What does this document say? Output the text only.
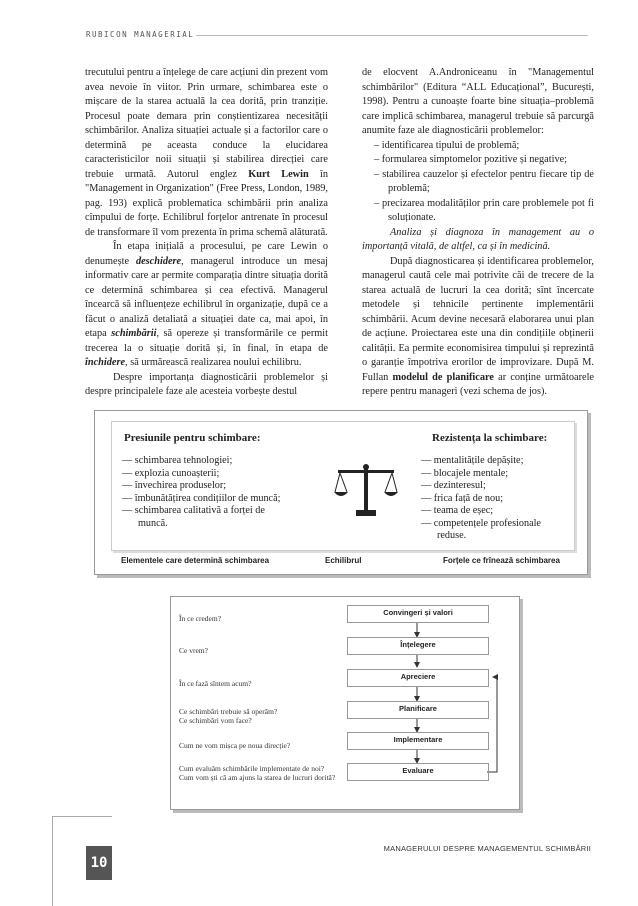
RUBICON MANAGERIAL

trecutului pentru a înțelege de care acțiuni din prezent vom avea nevoie în viitor. Prin urmare, schimbarea este o mișcare de la starea actuală la cea dorită, prin tranziție. Procesul poate demara prin conștientizarea necesității schimbărilor. Analiza situației actuale și a factorilor care o determină pe aceasta conduce la elucidarea caracteristicilor noii situații și stabilirea direcției care trebuie urmată. Autorul englez Kurt Lewin în "Management in Organization" (Free Press, London, 1989, pag. 193) explică problematica schimbării prin analiza cîmpului de forțe. Echilibrul forțelor antrenate în procesul de transformare îl vom prezenta în prima schemă alăturată.

În etapa inițială a procesului, pe care Lewin o denumește deschidere, managerul introduce un mesaj informativ care ar permite comparația dintre situația dorită ce determină schimbarea și cea efectivă. Managerul încearcă să influențeze echilibrul în organizație, după ce a făcut o analiză detaliată a situației date ca, mai apoi, în etapa schimbării, să opereze și transformările ce permit trecerea la o situație dorită și, în final, în etapa de închidere, să urmărească realizarea noului echilibru.

Despre importanța diagnosticării problemelor și despre principalele faze ale acesteia vorbește destul

de elocvent A.Androniceanu în "Managementul schimbărilor" (Editura “ALL Educațional”, București, 1998). Pentru a cunoaște foarte bine situația–problemă care implică schimbarea, managerul trebuie să parcurgă anumite faze ale diagnosticării problemelor:

– identificarea tipului de problemă;
– formularea simptomelor pozitive și negative;
– stabilirea cauzelor și efectelor pentru fiecare tip de problemă;
– precizarea modalităților prin care problemele pot fi soluționate.

Analiza și diagnoza în management au o importanță vitală, de altfel, ca și în medicină.

După diagnosticarea și identificarea problemelor, managerul caută cele mai potrivite căi de trecere de la starea actuală de lucruri la cea dorită; sînt încercate metodele și tehnicile pertinente implementării schimbării. Acum devine necesară elaborarea unui plan de acțiune. Proiectarea este una din condițiile obținerii calității. Ea permite economisirea timpului și reprezintă o garanție împotriva erorilor de improvizare. După M. Fullan modelul de planificare ar conține următoarele repere pentru manageri (vezi schema de jos).

Presiunile pentru schimbare:
— schimbarea tehnologiei;
— explozia cunoașterii;
— învechirea produselor;
— îmbunătățirea condițiilor de muncă;
— schimbarea calitativă a forței de muncă.
Rezistența la schimbare:
— mentalitățile depășite;
— blocajele mentale;
— dezinteresul;
— frica față de nou;
— teama de eșec;
— competențele profesionale reduse.
Elementele care determină schimbarea	Echilibrul	Forțele ce frînează schimbarea
În ce credem?
Ce vrem?
În ce fază sîntem acum?
Ce schimbări trebuie să operăm?
Ce schimbări vom face?
Cum ne vom mișca pe noua direcție?
Cum evaluăm schimbările implementate de noi?
Cum vom ști că am ajuns la starea de lucruri dorită?
Convingeri și valori
Înțelegere
Apreciere
Planificare
Implementare
Evaluare
MANAGERULUI DESPRE MANAGEMENTUL SCHIMBĂRII
10
